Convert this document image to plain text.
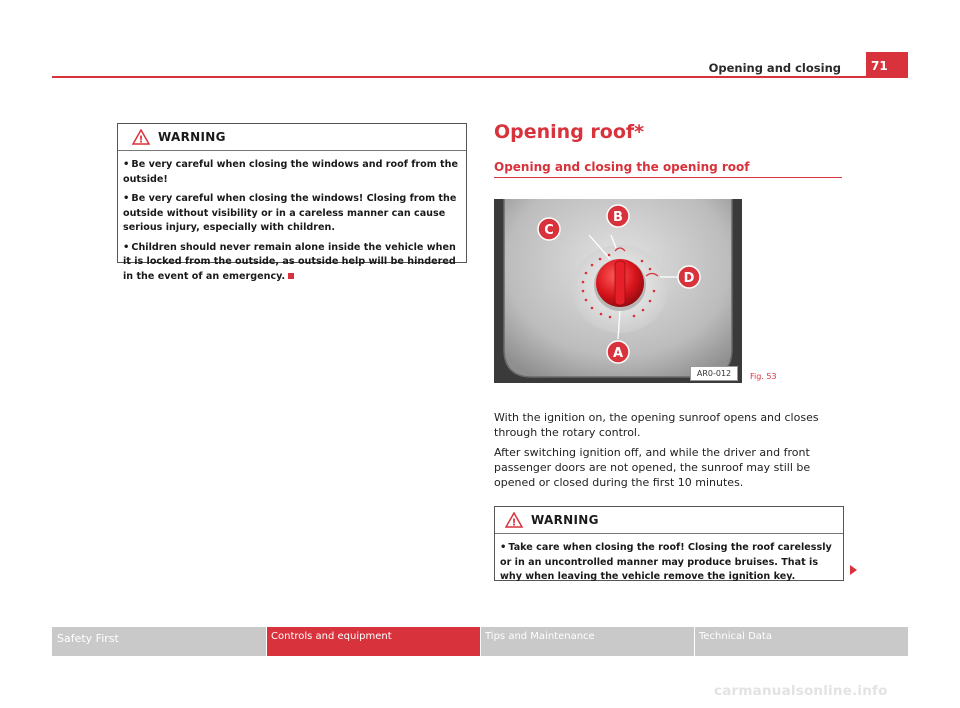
Opening and closing	71
! WARNING

• Be very careful when closing the windows and roof from the outside!

• Be very careful when closing the windows! Closing from the outside without visibility or in a careless manner can cause serious injury, especially with children.

• Children should never remain alone inside the vehicle when it is locked from the outside, as outside help will be hindered in the event of an emergency.

Opening roof*
Opening and closing the opening roof
B
C
D
A
AR0-012	Fig. 53

With the ignition on, the opening sunroof opens and closes through the rotary control.

After switching ignition off, and while the driver and front passenger doors are not opened, the sunroof may still be opened or closed during the first 10 minutes.

! WARNING

• Take care when closing the roof! Closing the roof carelessly or in an uncontrolled manner may produce bruises. That is why when leaving the vehicle remove the ignition key.

Safety First	Controls and equipment	Tips and Maintenance	Technical Data
carmanualsonline.info
